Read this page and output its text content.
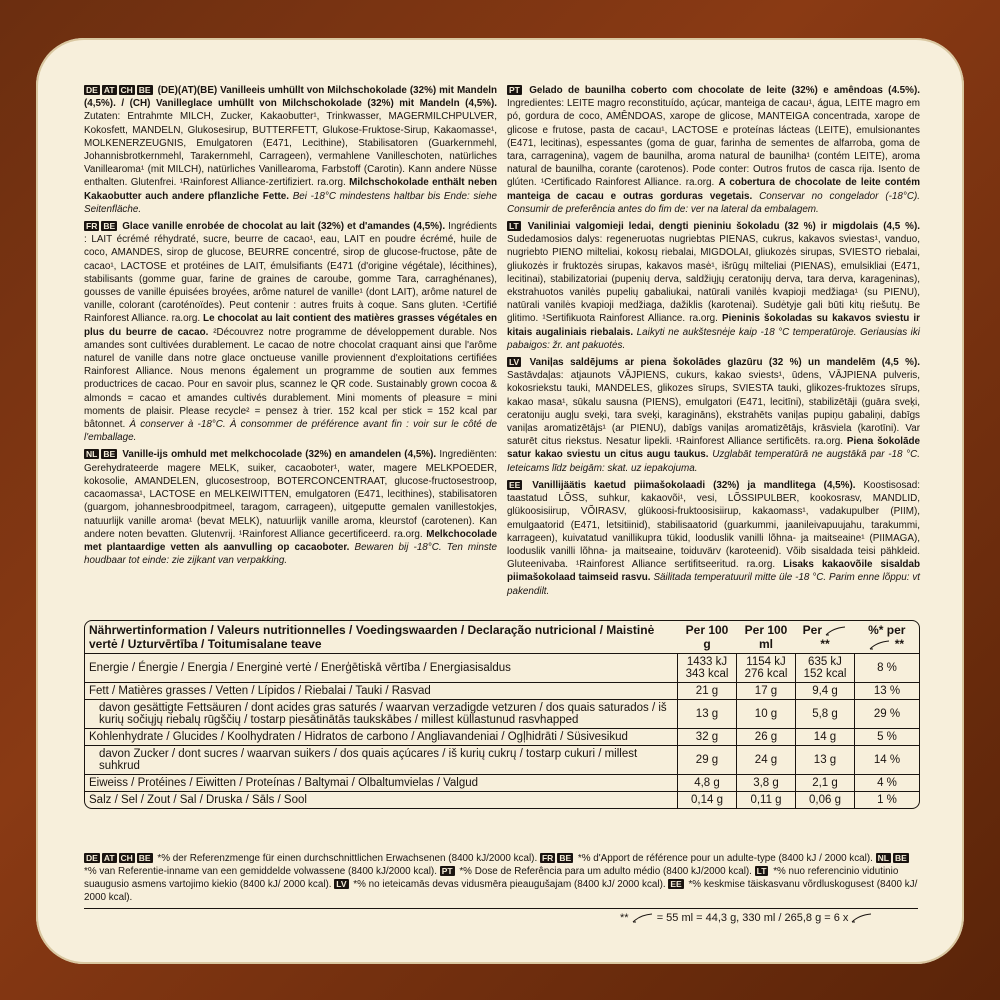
DE AT CH BE (DE)(AT)(BE) Vanilleeis umhüllt von Milchschokolade (32%) mit Mandeln (4,5%). / (CH) Vanilleglace umhüllt von Milchschokolade (32%) mit Mandeln (4,5%). Zutaten: Entrahmte MILCH, Zucker, Kakaobutter¹, Trinkwasser, MAGERMILCHPULVER, Kokosfett, MANDELN, Glukosesirup, BUTTERFETT, Glukose-Fruktose-Sirup, Kakaomasse¹, MOLKENERZEUGNIS, Emulgatoren (E471, Lecithine), Stabilisatoren (Guarkernmehl, Johannisbrotkernmehl, Tarakernmehl, Carrageen), vermahlene Vanilleschoten, natürliches Vanillearoma¹ (mit MILCH), natürliches Vanillearoma, Farbstoff (Carotin). Kann andere Nüsse enthalten. Glutenfrei. ¹Rainforest Alliance-zertifiziert. ra.org. Milchschokolade enthält neben Kakaobutter auch andere pflanzliche Fette. Bei -18°C mindestens haltbar bis Ende: siehe Seitenfläche.
FR BE Glace vanille enrobée de chocolat au lait (32%) et d'amandes (4,5%). Ingrédients : LAIT écrémé réhydraté, sucre, beurre de cacao¹, eau, LAIT en poudre écrémé, huile de coco, AMANDES, sirop de glucose, BEURRE concentré, sirop de glucose-fructose, pâte de cacao¹, LACTOSE et protéines de LAIT, émulsifiants (E471 (d'origine végétale), lécithines), stabilisants (gomme guar, farine de graines de caroube, gomme Tara, carraghénanes), gousses de vanille épuisées broyées, arôme naturel de vanille¹ (dont LAIT), arôme naturel de vanille, colorant (caroténoïdes). Peut contenir : autres fruits à coque. Sans gluten. ¹Certifié Rainforest Alliance. ra.org. Le chocolat au lait contient des matières grasses végétales en plus du beurre de cacao. ²Découvrez notre programme de développement durable. Nos amandes sont cultivées durablement. Le cacao de notre chocolat craquant ainsi que l'arôme naturel de vanille dans notre glace onctueuse vanille proviennent d'exploitations certifiées Rainforest Alliance. Nous menons également un programme de soutien aux femmes productrices de cacao. Pour en savoir plus, scannez le QR code. Sustainably grown cocoa & almonds = cacao et amandes cultivés durablement. Mini moments of pleasure = mini moments de plaisir. Please recycle² = pensez à trier. 152 kcal per stick = 152 kcal par bâtonnet. À conserver à -18°C. À consommer de préférence avant fin : voir sur le côté de l'emballage.
NL BE Vanille-ijs omhuld met melkchocolade (32%) en amandelen (4,5%). Ingrediënten: Gerehydrateerde magere MELK, suiker, cacaoboter¹, water, magere MELKPOEDER, kokosolie, AMANDELEN, glucosestroop, BOTERCONCENTRAAT, glucose-fructosestroop, cacaomassa¹, LACTOSE en MELKEIWITTEN, emulgatoren (E471, lecithines), stabilisatoren (guargom, johannesbroodpitmeel, taragom, carrageen), uitgeputte gemalen vanillestokjes, natuurlijk vanille aroma¹ (bevat MELK), natuurlijk vanille aroma, kleurstof (carotenen). Kan andere noten bevatten. Glutenvrij. ¹Rainforest Alliance gecertificeerd. ra.org. Melkchocolade met plantaardige vetten als aanvulling op cacaoboter. Bewaren bij -18°C. Ten minste houdbaar tot einde: zie zijkant van verpakking.
PT Gelado de baunilha coberto com chocolate de leite (32%) e amêndoas (4.5%). Ingredientes: LEITE magro reconstituído, açúcar, manteiga de cacau¹, água, LEITE magro em pó, gordura de coco, AMÊNDOAS, xarope de glicose, MANTEIGA concentrada, xarope de glicose e frutose, pasta de cacau¹, LACTOSE e proteínas lácteas (LEITE), emulsionantes (E471, lecitinas), espessantes (goma de guar, farinha de sementes de alfarroba, goma de tara, carragenina), vagem de baunilha, aroma natural de baunilha¹ (contém LEITE), aroma natural de baunilha, corante (carotenos). Pode conter: Outros frutos de casca rija. Isento de glúten. ¹Certificado Rainforest Alliance. ra.org. A cobertura de chocolate de leite contém manteiga de cacau e outras gorduras vegetais. Conservar no congelador (-18°C). Consumir de preferência antes do fim de: ver na lateral da embalagem.
LT Vaniliniai valgomieji ledai, dengti pieniniu šokoladu (32 %) ir migdolais (4,5 %). Sudedamosios dalys: regeneruotas nugriebtas PIENAS, cukrus, kakavos sviestas¹, vanduo, nugriebto PIENO milteliai, kokosų riebalai, MIGDOLAI, gliukozės sirupas, SVIESTO riebalai, gliukozės ir fruktozės sirupas, kakavos masė¹, išrūgų milteliai (PIENAS), emulsikliai (E471, lecitinai), stabilizatoriai (pupenių derva, saldžiųjų ceratonijų derva, tara derva, karageninas), ekstrahuotos vanilės pupelių gabaliukai, natūrali vanilės kvapioji medžiaga¹ (su PIENU), natūrali vanilės kvapioji medžiaga, dažiklis (karotenai). Sudėtyje gali būti kitų riešutų. Be glitimo. ¹Sertifikuota Rainforest Alliance. ra.org. Pieninis šokoladas su kakavos sviestu ir kitais augaliniais riebalais. Laikyti ne aukštesnėje kaip -18 °C temperatūroje. Geriausias iki pabaigos: žr. ant pakuotės.
LV Vaniļas saldējums ar piena šokolādes glazūru (32 %) un mandelēm (4,5 %). Sastāvdaļas: atjaunots VĀJPIENS, cukurs, kakao sviests¹, ūdens, VĀJPIENA pulveris, kokosriekstu tauki, MANDELES, glikozes sīrups, SVIESTA tauki, glikozes-fruktozes sīrups, kakao masa¹, sūkalu sausna (PIENS), emulgatori (E471, lecitīni), stabilizētāji (guāra sveķi, ceratoniju augļu sveķi, tara sveķi, karagināns), ekstrahēts vaniļas pupiņu gabaliņi, dabīgs vaniļas aromatizētājs¹ (ar PIENU), dabīgs vaniļas aromatizētājs, krāsviela (karotīni). Var saturēt citus riekstus. Nesatur lipekli. ¹Rainforest Alliance sertificēts. ra.org. Piena šokolāde satur kakao sviestu un citus augu taukus. Uzglabāt temperatūrā ne augstākā par -18 °C. Ieteicams līdz beigām: skat. uz iepakojuma.
EE Vanillijäätis kaetud piimašokolaadi (32%) ja mandlitega (4,5%). Koostisosad: taastatud LÕSS, suhkur, kakaovõi¹, vesi, LÕSSIPULBER, kookosrasv, MANDLID, glükoosisiirup, VÕIRASV, glükoosi-fruktoosisiirup, kakaomass¹, vadakupulber (PIIM), emulgaatorid (E471, letsitiinid), stabilisaatorid (guarkummi, jaanileivapuujahu, tarakummi, karrageen), kuivatatud vanillikupra tükid, looduslik vanilli lõhna- ja maitseaine¹ (PIIMAGA), looduslik vanilli lõhna- ja maitseaine, toiduvärv (karoteenid). Võib sisaldada teisi pähkleid. Gluteenivaba. ¹Rainforest Alliance sertifitseeritud. ra.org. Lisaks kakaovõile sisaldab piimašokolaad taimseid rasvu. Säilitada temperatuuril mitte üle -18 °C. Parim enne lõppu: vt pakendilt.
Nährwertinformation / Valeurs nutritionnelles / Voedingswaarden / Declaração nutricional / Maistinė vertė / Uzturvērtība / Toitumisalane teave	Per 100 g	Per 100 ml	Per  **	%* per  **
Energie / Énergie / Energia / Energinė vertė / Enerģētiskā vērtība / Energiasisaldus	1433 kJ 343 kcal	1154 kJ 276 kcal	635 kJ 152 kcal	8 %
Fett / Matières grasses / Vetten / Lípidos / Riebalai / Tauki / Rasvad	21 g	17 g	9,4 g	13 %
davon gesättigte Fettsäuren / dont acides gras saturés / waarvan verzadigde vetzuren / dos quais saturados / iš kurių sočiųjų riebalų rūgščių / tostarp piesātinātās taukskābes / millest küllastunud rasvhapped	13 g	10 g	5,8 g	29 %
Kohlenhydrate / Glucides / Koolhydraten / Hidratos de carbono / Angliavandeniai / Ogļhidrāti / Süsivesikud	32 g	26 g	14 g	5 %
davon Zucker / dont sucres / waarvan suikers / dos quais açúcares / iš kurių cukrų / tostarp cukuri / millest suhkrud	29 g	24 g	13 g	14 %
Eiweiss / Protéines / Eiwitten / Proteínas / Baltymai / Olbaltumvielas / Valgud	4,8 g	3,8 g	2,1 g	4 %
Salz / Sel / Zout / Sal / Druska / Sāls / Sool	0,14 g	0,11 g	0,06 g	1 %
DE AT CH BE *% der Referenzmenge für einen durchschnittlichen Erwachsenen (8400 kJ/2000 kcal). FR BE *% d'Apport de référence pour un adulte-type (8400 kJ / 2000 kcal). NL BE *% van Referentie-inname van een gemiddelde volwassene (8400 kJ/2000 kcal). PT *% Dose de Referência para um adulto médio (8400 kJ/2000 kcal). LT *% nuo referencinio vidutinio suaugusio asmens vartojimo kiekio (8400 kJ/ 2000 kcal). LV *% no ieteicamās devas vidusmēra pieaugušajam (8400 kJ/ 2000 kcal). EE *% keskmise täiskasvanu võrdluskogusest (8400 kJ/ 2000 kcal).
**	= 55 ml = 44,3 g, 330 ml / 265,8 g = 6 x
